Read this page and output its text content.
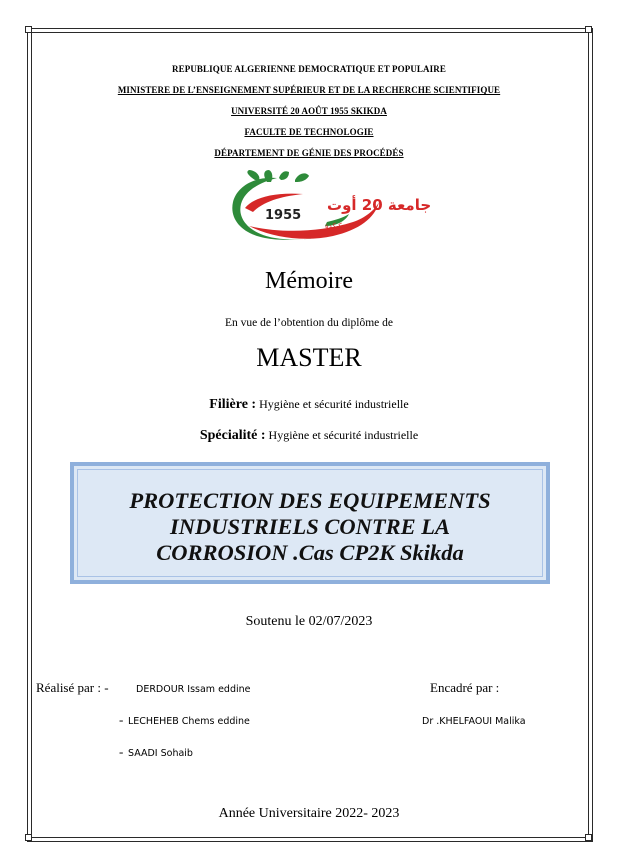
REPUBLIQUE ALGERIENNE DEMOCRATIQUE ET POPULAIRE
MINISTERE DE L’ENSEIGNEMENT SUPÉRIEUR ET DE LA RECHERCHE SCIENTIFIQUE
UNIVERSITÉ 20 AOÛT 1955 SKIKDA
FACULTE DE TECHNOLOGIE
DÉPARTEMENT DE GÉNIE DES PROCÉDÉS
جامعة 20 أوت
1955
سكيكدة
Mémoire
En vue de l’obtention du diplôme de
MASTER
Filière : Hygiène et sécurité industrielle
Spécialité : Hygiène et sécurité industrielle
PROTECTION DES EQUIPEMENTS
INDUSTRIELS CONTRE LA
CORROSION .Cas CP2K Skikda
Soutenu le 02/07/2023
Réalisé par : -	DERDOUR Issam eddine
- LECHEHEB Chems eddine
- SAADI Sohaib
Encadré par :
Dr .KHELFAOUI Malika
Année Universitaire 2022- 2023
